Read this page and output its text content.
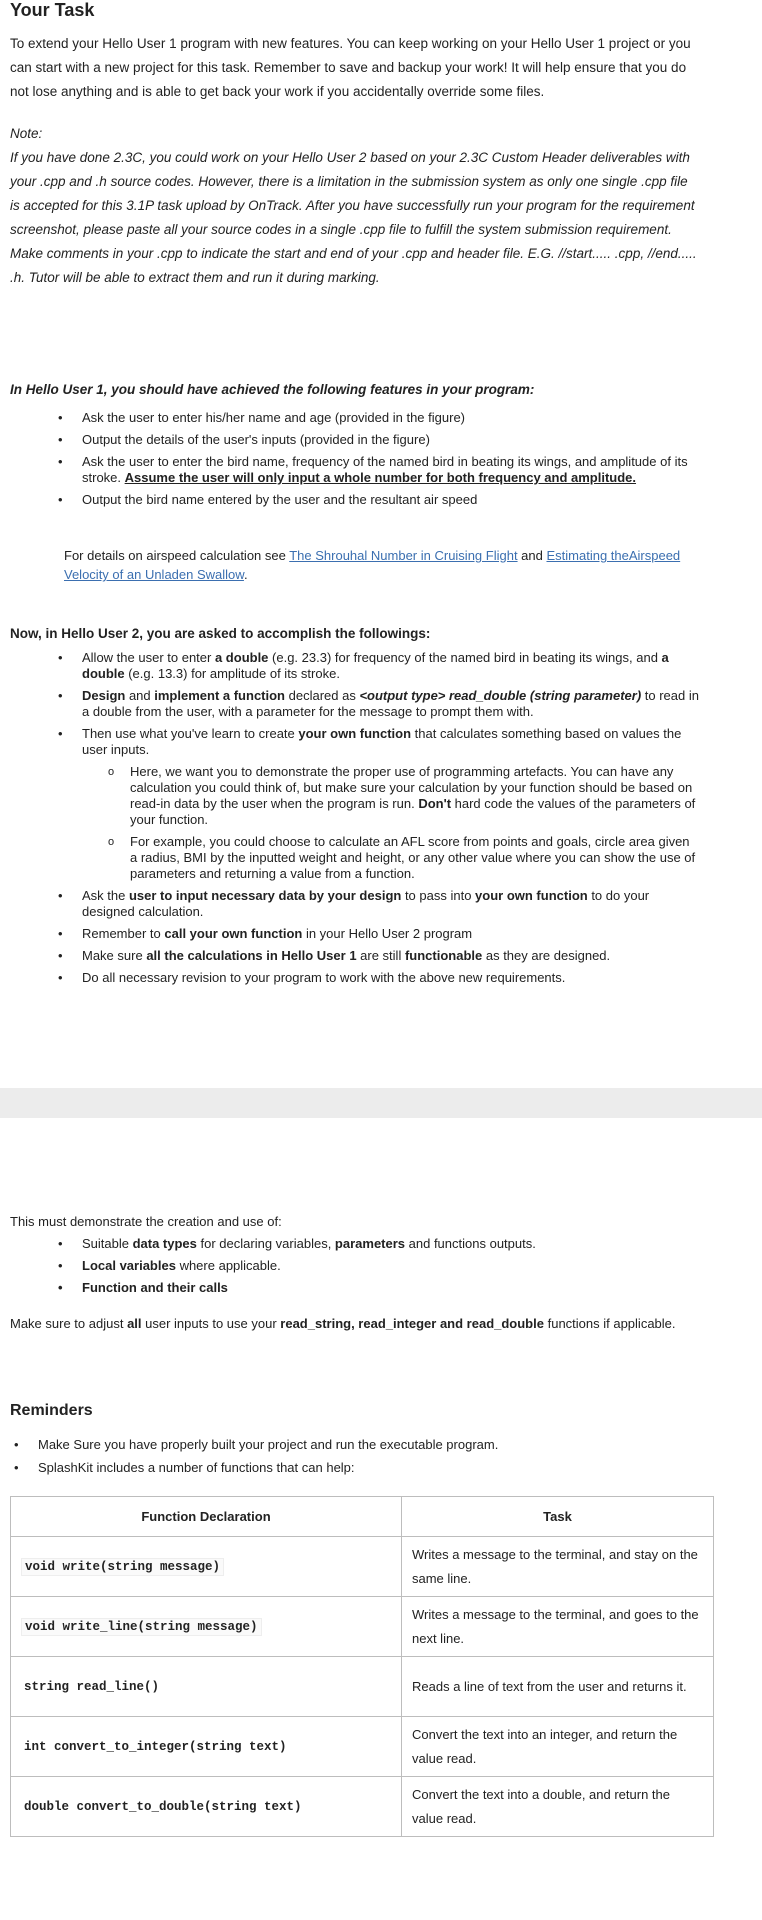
Your Task
To extend your Hello User 1 program with new features. You can keep working on your Hello User 1 project or you can start with a new project for this task. Remember to save and backup your work! It will help ensure that you do not lose anything and is able to get back your work if you accidentally override some files.
Note:
If you have done 2.3C, you could work on your Hello User 2 based on your 2.3C Custom Header deliverables with your .cpp and .h source codes. However, there is a limitation in the submission system as only one single .cpp file is accepted for this 3.1P task upload by OnTrack. After you have successfully run your program for the requirement screenshot, please paste all your source codes in a single .cpp file to fulfill the system submission requirement. Make comments in your .cpp to indicate the start and end of your .cpp and header file. E.G. //start..... .cpp, //end..... .h. Tutor will be able to extract them and run it during marking.
In Hello User 1, you should have achieved the following features in your program:
• Ask the user to enter his/her name and age (provided in the figure)
• Output the details of the user's inputs (provided in the figure)
• Ask the user to enter the bird name, frequency of the named bird in beating its wings, and amplitude of its stroke. Assume the user will only input a whole number for both frequency and amplitude.
• Output the bird name entered by the user and the resultant air speed
For details on airspeed calculation see The Shrouhal Number in Cruising Flight and Estimating theAirspeed Velocity of an Unladen Swallow.
Now, in Hello User 2, you are asked to accomplish the followings:
• Allow the user to enter a double (e.g. 23.3) for frequency of the named bird in beating its wings, and a double (e.g. 13.3) for amplitude of its stroke.
• Design and implement a function declared as <output type> read_double (string parameter) to read in a double from the user, with a parameter for the message to prompt them with.
• Then use what you've learn to create your own function that calculates something based on values the user inputs.
o Here, we want you to demonstrate the proper use of programming artefacts. You can have any calculation you could think of, but make sure your calculation by your function should be based on read-in data by the user when the program is run. Don't hard code the values of the parameters of your function.
o For example, you could choose to calculate an AFL score from points and goals, circle area given a radius, BMI by the inputted weight and height, or any other value where you can show the use of parameters and returning a value from a function.
• Ask the user to input necessary data by your design to pass into your own function to do your designed calculation.
• Remember to call your own function in your Hello User 2 program
• Make sure all the calculations in Hello User 1 are still functionable as they are designed.
• Do all necessary revision to your program to work with the above new requirements.
This must demonstrate the creation and use of:
• Suitable data types for declaring variables, parameters and functions outputs.
• Local variables where applicable.
• Function and their calls
Make sure to adjust all user inputs to use your read_string, read_integer and read_double functions if applicable.
Reminders
• Make Sure you have properly built your project and run the executable program.
• SplashKit includes a number of functions that can help:
Function Declaration	Task
void write(string message)	Writes a message to the terminal, and stay on the same line.
void write_line(string message)	Writes a message to the terminal, and goes to the next line.
string read_line()	Reads a line of text from the user and returns it.
int convert_to_integer(string text)	Convert the text into an integer, and return the value read.
double convert_to_double(string text)	Convert the text into a double, and return the value read.
